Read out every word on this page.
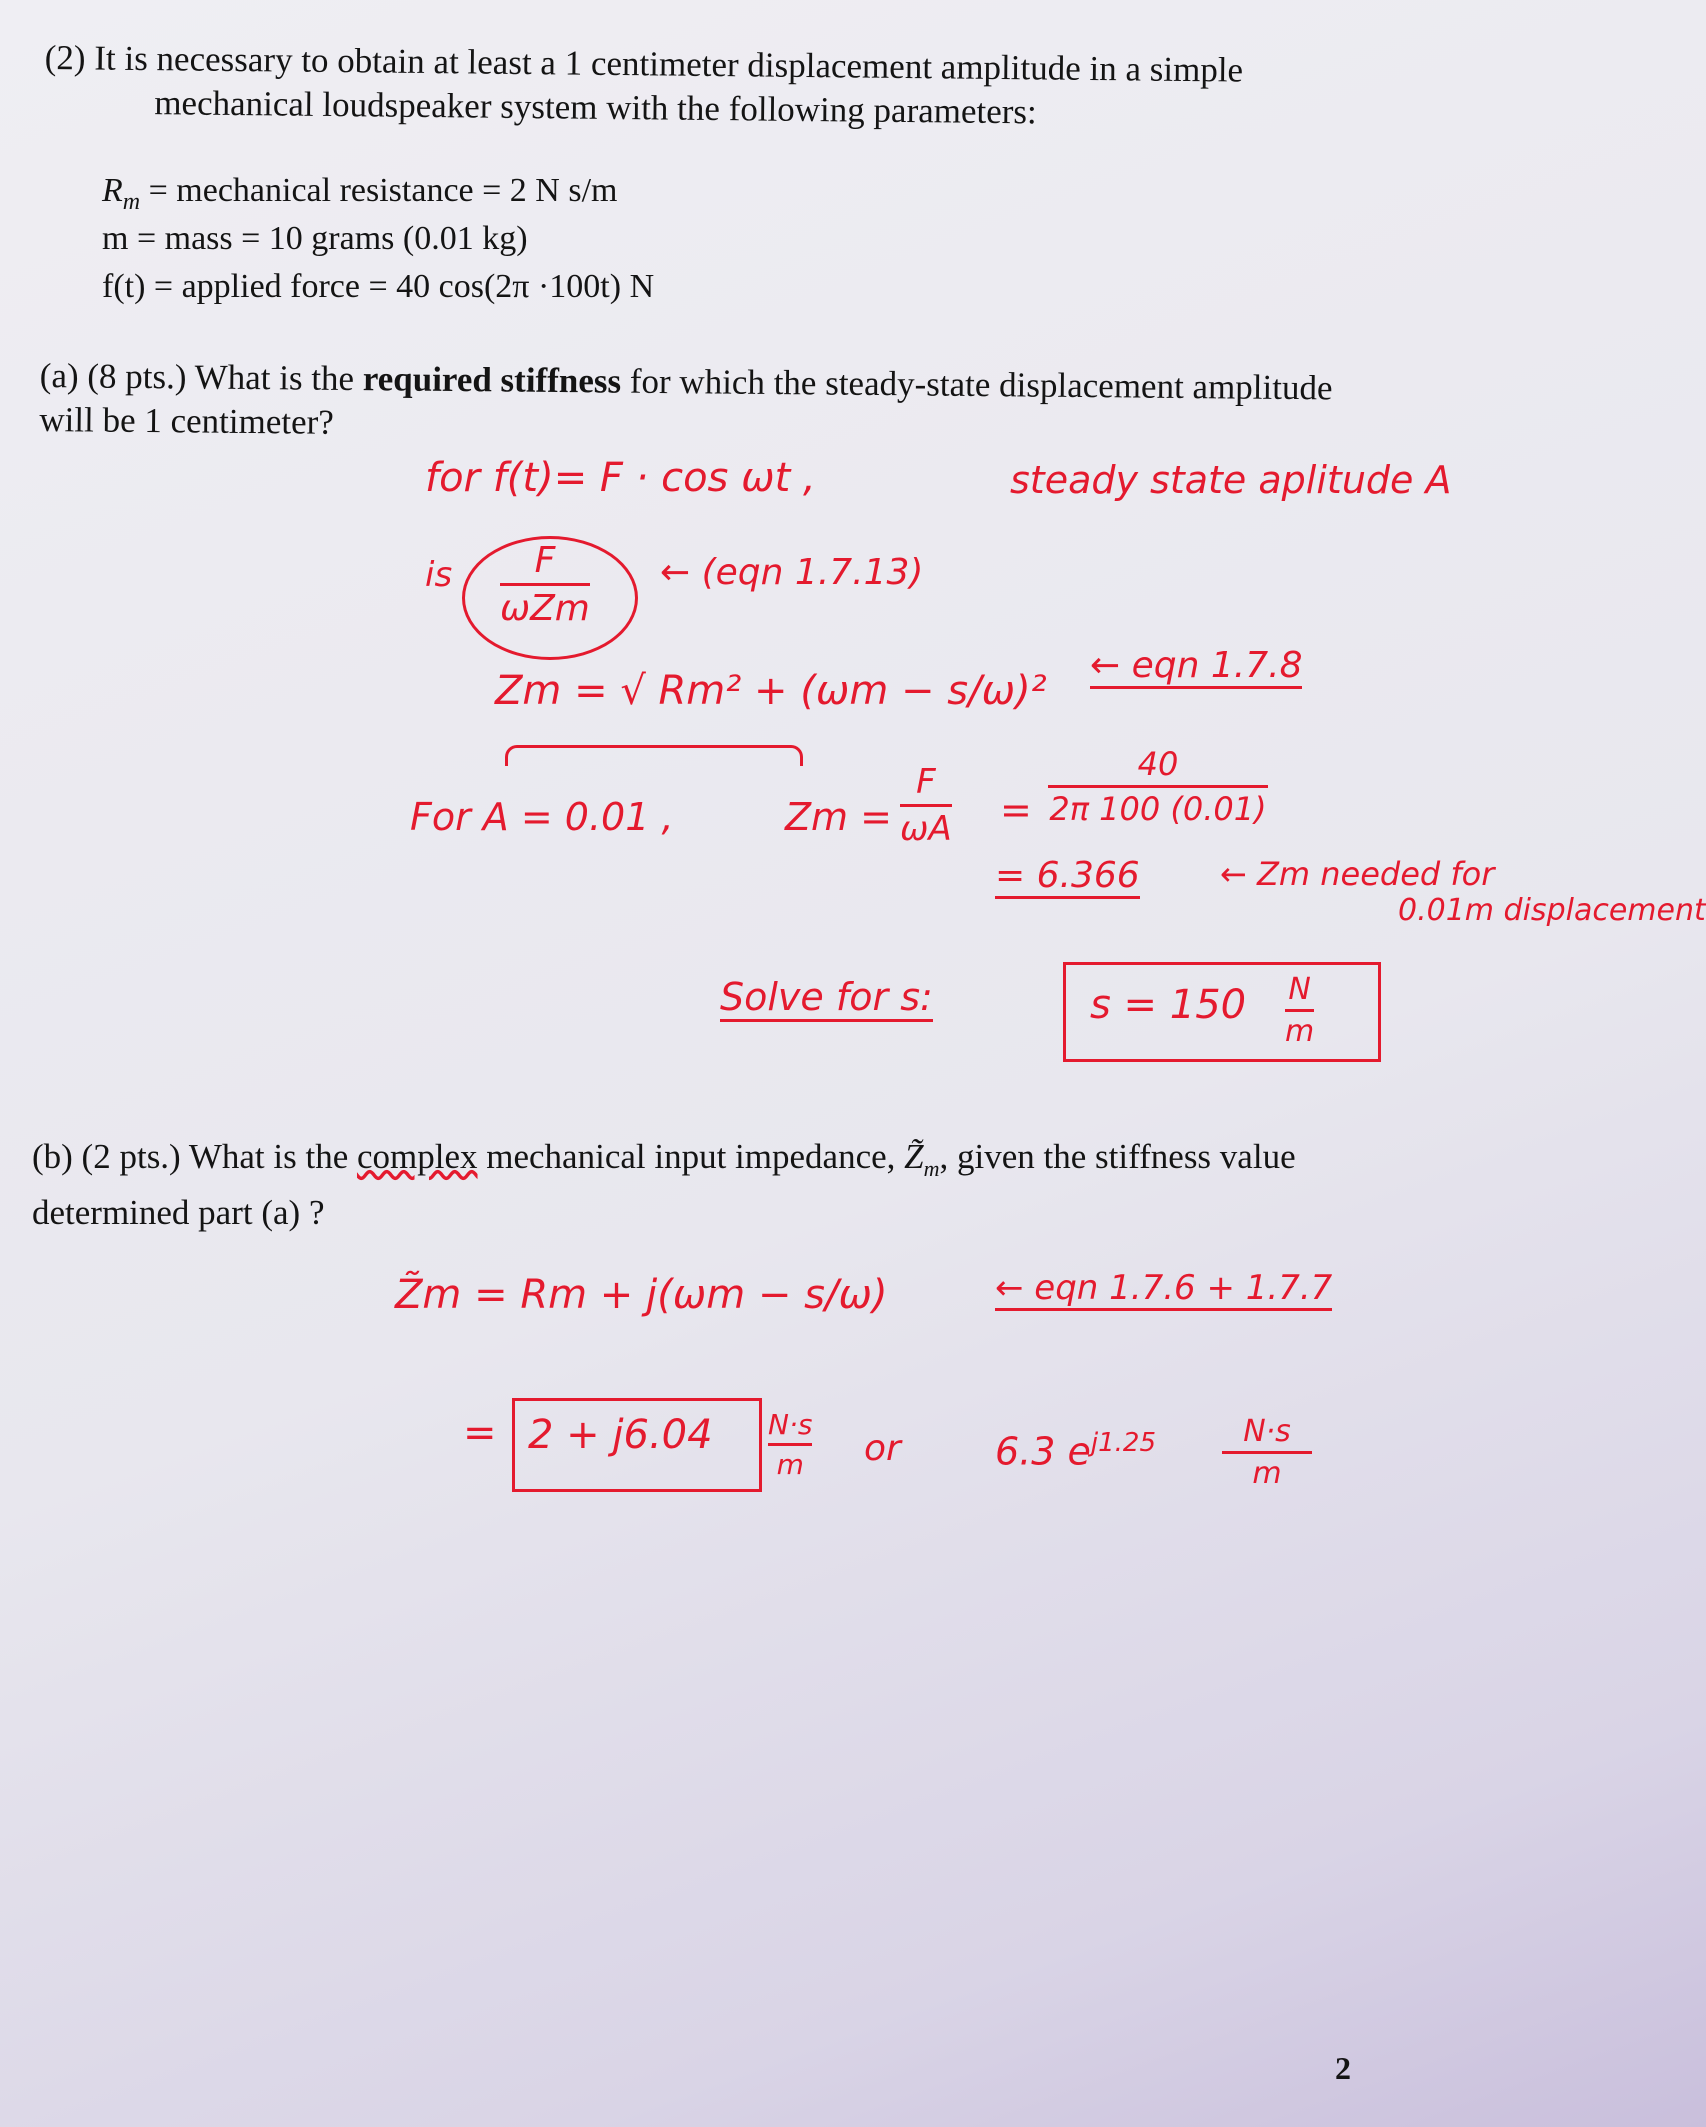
(2) It is necessary to obtain at least a 1 centimeter displacement amplitude in a simple
mechanical loudspeaker system with the following parameters:
$R_m$ = mechanical resistance = 2 N s/m
m = mass = 10 grams (0.01 kg)
f(t) = applied force = 40 cos(2π ·100t) N
(a) (8 pts.) What is the required stiffness for which the steady-state displacement amplitude
will be 1 centimeter?
for f(t)= F · cos ωt ,	steady state aplitude A
is F
ωZm
← (eqn 1.7.13)
Zm = √ Rm² + (ωm − s/ω)²
← eqn 1.7.8
For A = 0.01 ,	Zm =
F
ωA =
40
2π 100 (0.01)
= 6.366	← Zm needed for
0.01m displacement
Solve for s:	s = 150 N
m
(b) (2 pts.) What is the complex mechanical input impedance, $Z̃_m$, given the stiffness value
determined part (a) ?
Z̃m = Rm + j(ωm − s/ω)	← eqn 1.7.6 + 1.7.7
= 2 + j6.04 N·s
m or 6.3 $e^{j1.25}$	N·s
m
2
